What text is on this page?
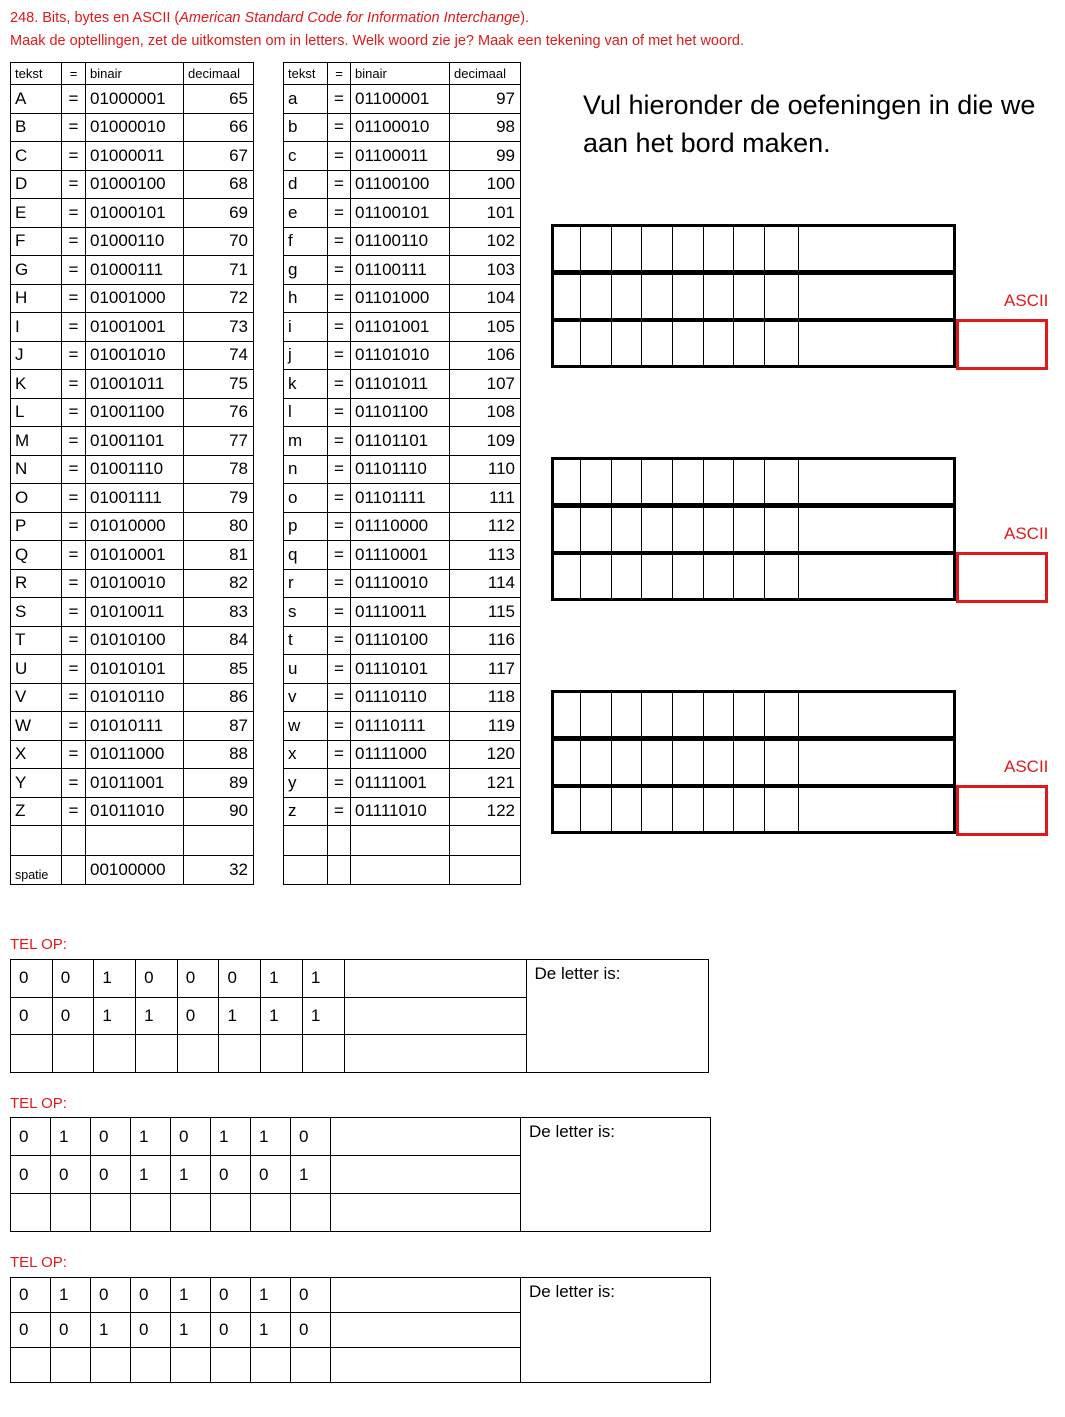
248. Bits, bytes en ASCII (American Standard Code for Information Interchange).
Maak de optellingen, zet de uitkomsten om in letters. Welk woord zie je? Maak een tekening van of met het woord.
tekst	=	binair	decimaal
A	=	01000001	65
B	=	01000010	66
C	=	01000011	67
D	=	01000100	68
E	=	01000101	69
F	=	01000110	70
G	=	01000111	71
H	=	01001000	72
I	=	01001001	73
J	=	01001010	74
K	=	01001011	75
L	=	01001100	76
M	=	01001101	77
N	=	01001110	78
O	=	01001111	79
P	=	01010000	80
Q	=	01010001	81
R	=	01010010	82
S	=	01010011	83
T	=	01010100	84
U	=	01010101	85
V	=	01010110	86
W	=	01010111	87
X	=	01011000	88
Y	=	01011001	89
Z	=	01011010	90

spatie		00100000	32
tekst	=	binair	decimaal
a	=	01100001	97
b	=	01100010	98
c	=	01100011	99
d	=	01100100	100
e	=	01100101	101
f	=	01100110	102
g	=	01100111	103
h	=	01101000	104
i	=	01101001	105
j	=	01101010	106
k	=	01101011	107
l	=	01101100	108
m	=	01101101	109
n	=	01101110	110
o	=	01101111	111
p	=	01110000	112
q	=	01110001	113
r	=	01110010	114
s	=	01110011	115
t	=	01110100	116
u	=	01110101	117
v	=	01110110	118
w	=	01110111	119
x	=	01111000	120
y	=	01111001	121
z	=	01111010	122

Vul hieronder de oefeningen in die we aan het bord maken.
ASCII
ASCII
ASCII
TEL OP:
0	0	1	0	0	0	1	1		De letter is:
0	0	1	1	0	1	1	1		

TEL OP:
0	1	0	1	0	1	1	0		De letter is:
0	0	0	1	1	0	0	1		

TEL OP:
0	1	0	0	1	0	1	0		De letter is:
0	0	1	0	1	0	1	0		
